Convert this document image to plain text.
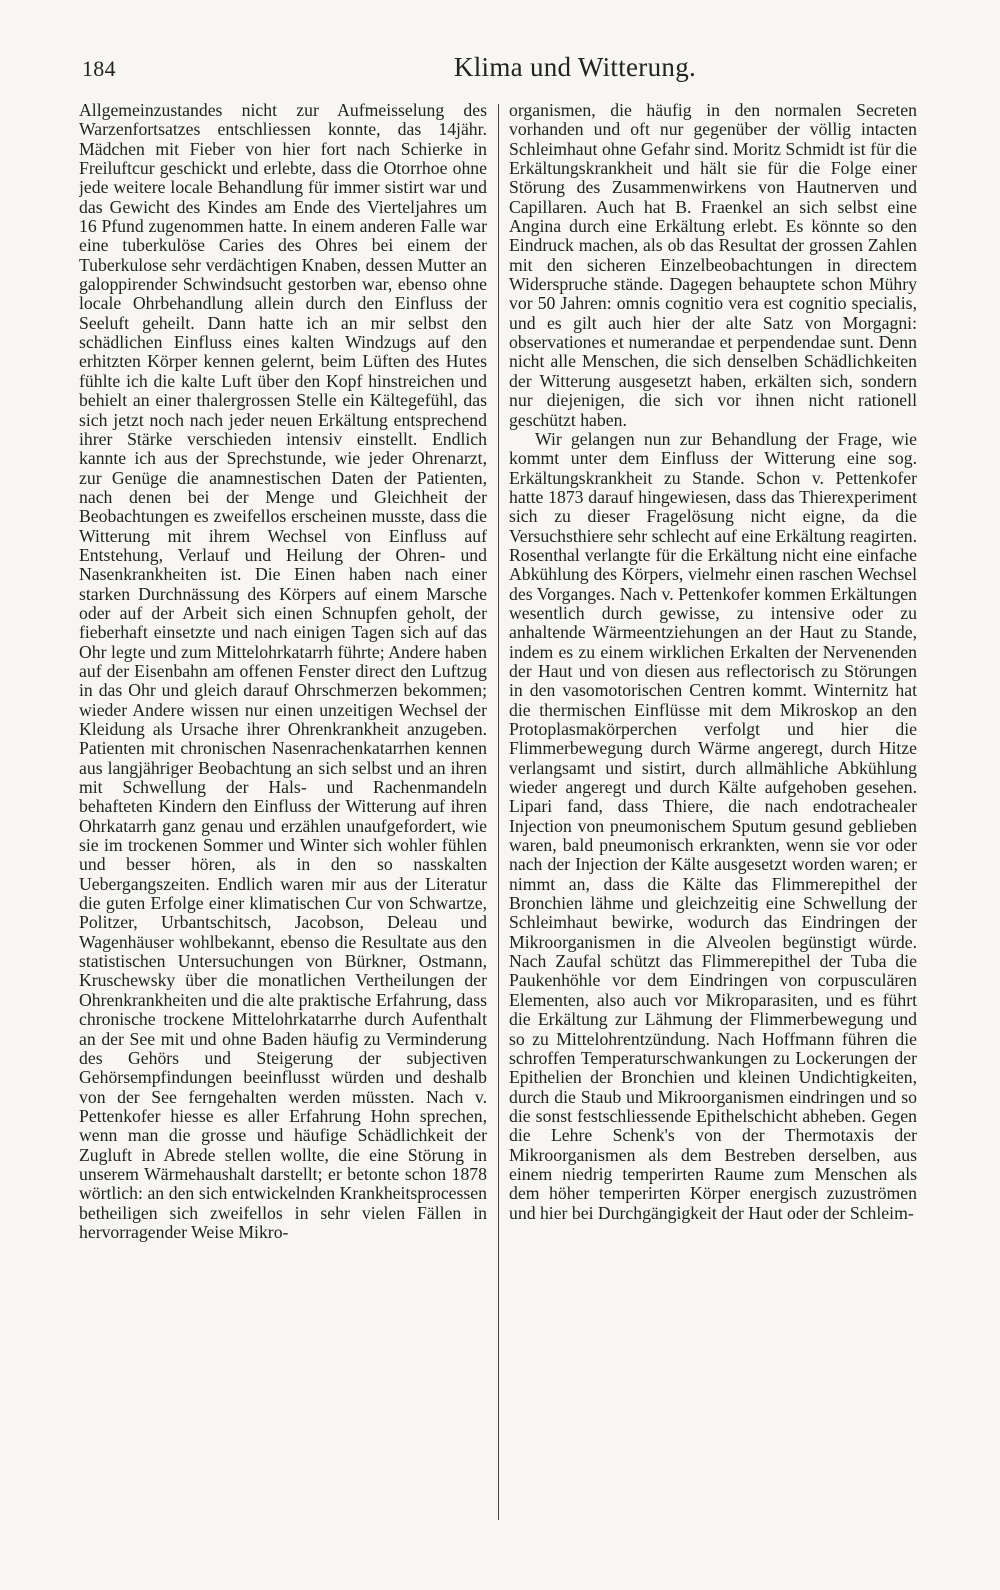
184	Klima und Witterung.

Allgemeinzustandes nicht zur Aufmeisselung des Warzenfortsatzes entschliessen konnte, das 14jähr. Mädchen mit Fieber von hier fort nach Schierke in Freiluftcur geschickt und erlebte, dass die Otorrhoe ohne jede weitere locale Behandlung für immer sistirt war und das Gewicht des Kindes am Ende des Vierteljahres um 16 Pfund zugenommen hatte. In einem anderen Falle war eine tuberkulöse Caries des Ohres bei einem der Tuberkulose sehr verdächtigen Knaben, dessen Mutter an galoppirender Schwindsucht gestorben war, ebenso ohne locale Ohrbehandlung allein durch den Einfluss der Seeluft geheilt. Dann hatte ich an mir selbst den schädlichen Einfluss eines kalten Windzugs auf den erhitzten Körper kennen gelernt, beim Lüften des Hutes fühlte ich die kalte Luft über den Kopf hinstreichen und behielt an einer thalergrossen Stelle ein Kältegefühl, das sich jetzt noch nach jeder neuen Erkältung entsprechend ihrer Stärke verschieden intensiv einstellt. Endlich kannte ich aus der Sprechstunde, wie jeder Ohrenarzt, zur Genüge die anamnestischen Daten der Patienten, nach denen bei der Menge und Gleichheit der Beobachtungen es zweifellos erscheinen musste, dass die Witterung mit ihrem Wechsel von Einfluss auf Entstehung, Verlauf und Heilung der Ohren- und Nasenkrankheiten ist. Die Einen haben nach einer starken Durchnässung des Körpers auf einem Marsche oder auf der Arbeit sich einen Schnupfen geholt, der fieberhaft einsetzte und nach einigen Tagen sich auf das Ohr legte und zum Mittelohrkatarrh führte; Andere haben auf der Eisenbahn am offenen Fenster direct den Luftzug in das Ohr und gleich darauf Ohrschmerzen bekommen; wieder Andere wissen nur einen unzeitigen Wechsel der Kleidung als Ursache ihrer Ohrenkrankheit anzugeben. Patienten mit chronischen Nasenrachenkatarrhen kennen aus langjähriger Beobachtung an sich selbst und an ihren mit Schwellung der Hals- und Rachenmandeln behafteten Kindern den Einfluss der Witterung auf ihren Ohrkatarrh ganz genau und erzählen unaufgefordert, wie sie im trockenen Sommer und Winter sich wohler fühlen und besser hören, als in den so nasskalten Uebergangszeiten. Endlich waren mir aus der Literatur die guten Erfolge einer klimatischen Cur von Schwartze, Politzer, Urbantschitsch, Jacobson, Deleau und Wagenhäuser wohlbekannt, ebenso die Resultate aus den statistischen Untersuchungen von Bürkner, Ostmann, Kruschewsky über die monatlichen Vertheilungen der Ohrenkrankheiten und die alte praktische Erfahrung, dass chronische trockene Mittelohrkatarrhe durch Aufenthalt an der See mit und ohne Baden häufig zu Verminderung des Gehörs und Steigerung der subjectiven Gehörsempfindungen beeinflusst würden und deshalb von der See ferngehalten werden müssten. Nach v. Pettenkofer hiesse es aller Erfahrung Hohn sprechen, wenn man die grosse und häufige Schädlichkeit der Zugluft in Abrede stellen wollte, die eine Störung in unserem Wärmehaushalt darstellt; er betonte schon 1878 wörtlich: an den sich entwickelnden Krankheitsprocessen betheiligen sich zweifellos in sehr vielen Fällen in hervorragender Weise Mikro-

organismen, die häufig in den normalen Secreten vorhanden und oft nur gegenüber der völlig intacten Schleimhaut ohne Gefahr sind. Moritz Schmidt ist für die Erkältungskrankheit und hält sie für die Folge einer Störung des Zusammenwirkens von Hautnerven und Capillaren. Auch hat B. Fraenkel an sich selbst eine Angina durch eine Erkältung erlebt. Es könnte so den Eindruck machen, als ob das Resultat der grossen Zahlen mit den sicheren Einzelbeobachtungen in directem Widerspruche stände. Dagegen behauptete schon Mühry vor 50 Jahren: omnis cognitio vera est cognitio specialis, und es gilt auch hier der alte Satz von Morgagni: observationes et numerandae et perpendendae sunt. Denn nicht alle Menschen, die sich denselben Schädlichkeiten der Witterung ausgesetzt haben, erkälten sich, sondern nur diejenigen, die sich vor ihnen nicht rationell geschützt haben.

Wir gelangen nun zur Behandlung der Frage, wie kommt unter dem Einfluss der Witterung eine sog. Erkältungskrankheit zu Stande. Schon v. Pettenkofer hatte 1873 darauf hingewiesen, dass das Thierexperiment sich zu dieser Fragelösung nicht eigne, da die Versuchsthiere sehr schlecht auf eine Erkältung reagirten. Rosenthal verlangte für die Erkältung nicht eine einfache Abkühlung des Körpers, vielmehr einen raschen Wechsel des Vorganges. Nach v. Pettenkofer kommen Erkältungen wesentlich durch gewisse, zu intensive oder zu anhaltende Wärmeentziehungen an der Haut zu Stande, indem es zu einem wirklichen Erkalten der Nervenenden der Haut und von diesen aus reflectorisch zu Störungen in den vasomotorischen Centren kommt. Winternitz hat die thermischen Einflüsse mit dem Mikroskop an den Protoplasmakörperchen verfolgt und hier die Flimmerbewegung durch Wärme angeregt, durch Hitze verlangsamt und sistirt, durch allmähliche Abkühlung wieder angeregt und durch Kälte aufgehoben gesehen. Lipari fand, dass Thiere, die nach endotrachealer Injection von pneumonischem Sputum gesund geblieben waren, bald pneumonisch erkrankten, wenn sie vor oder nach der Injection der Kälte ausgesetzt worden waren; er nimmt an, dass die Kälte das Flimmerepithel der Bronchien lähme und gleichzeitig eine Schwellung der Schleimhaut bewirke, wodurch das Eindringen der Mikroorganismen in die Alveolen begünstigt würde. Nach Zaufal schützt das Flimmerepithel der Tuba die Paukenhöhle vor dem Eindringen von corpusculären Elementen, also auch vor Mikroparasiten, und es führt die Erkältung zur Lähmung der Flimmerbewegung und so zu Mittelohrentzündung. Nach Hoffmann führen die schroffen Temperaturschwankungen zu Lockerungen der Epithelien der Bronchien und kleinen Undichtigkeiten, durch die Staub und Mikroorganismen eindringen und so die sonst festschliessende Epithelschicht abheben. Gegen die Lehre Schenk's von der Thermotaxis der Mikroorganismen als dem Bestreben derselben, aus einem niedrig temperirten Raume zum Menschen als dem höher temperirten Körper energisch zuzuströmen und hier bei Durchgängigkeit der Haut oder der Schleim-
